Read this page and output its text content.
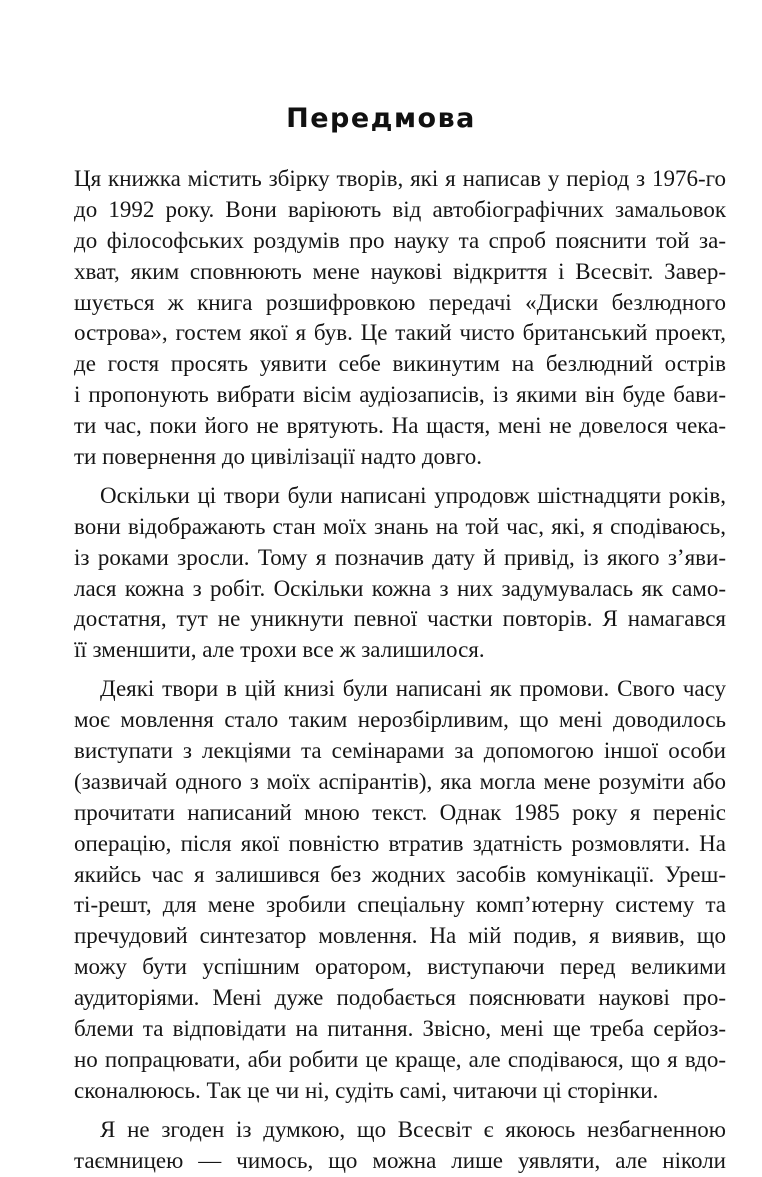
Передмова
Ця книжка містить збірку творів, які я написав у період з 1976-го
до 1992 року. Вони варіюють від автобіографічних замальовок
до філософських роздумів про науку та спроб пояснити той за-
хват, яким сповнюють мене наукові відкриття і Всесвіт. Завер-
шується ж книга розшифровкою передачі «Диски безлюдного
острова», гостем якої я був. Це такий чисто британський проект,
де гостя просять уявити себе викинутим на безлюдний острів
і пропонують вибрати вісім аудіозаписів, із якими він буде бави-
ти час, поки його не врятують. На щастя, мені не довелося чека-
ти повернення до цивілізації надто довго.
Оскільки ці твори були написані упродовж шістнадцяти років,
вони відображають стан моїх знань на той час, які, я сподіваюсь,
із роками зросли. Тому я позначив дату й привід, із якого з’яви-
лася кожна з робіт. Оскільки кожна з них задумувалась як само-
достатня, тут не уникнути певної частки повторів. Я намагався
її зменшити, але трохи все ж залишилося.
Деякі твори в цій книзі були написані як промови. Свого часу
моє мовлення стало таким нерозбірливим, що мені доводилось
виступати з лекціями та семінарами за допомогою іншої особи
(зазвичай одного з моїх аспірантів), яка могла мене розуміти або
прочитати написаний мною текст. Однак 1985 року я переніс
операцію, після якої повністю втратив здатність розмовляти. На
якийсь час я залишився без жодних засобів комунікації. Уреш-
ті-решт, для мене зробили спеціальну комп’ютерну систему та
пречудовий синтезатор мовлення. На мій подив, я виявив, що
можу бути успішним оратором, виступаючи перед великими
аудиторіями. Мені дуже подобається пояснювати наукові про-
блеми та відповідати на питання. Звісно, мені ще треба серйоз-
но попрацювати, аби робити це краще, але сподіваюся, що я вдо-
сконалююсь. Так це чи ні, судіть самі, читаючи ці сторінки.
Я не згоден із думкою, що Всесвіт є якоюсь незбагненною
таємницею — чимось, що можна лише уявляти, але ніколи
